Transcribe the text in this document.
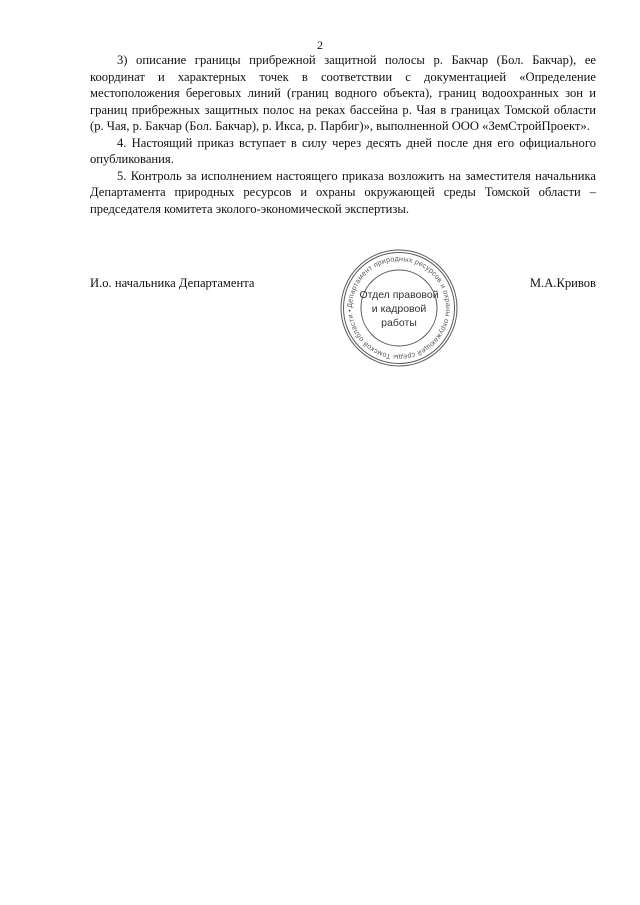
2

3) описание границы прибрежной защитной полосы р. Бакчар (Бол. Бакчар), ее координат и характерных точек в соответствии с документацией «Определение местоположения береговых линий (границ водного объекта), границ водоохранных зон и границ прибрежных защитных полос на реках бассейна р. Чая в границах Томской области (р. Чая, р. Бакчар (Бол. Бакчар), р. Икса, р. Парбиг)», выполненной ООО «ЗемСтройПроект».

4. Настоящий приказ вступает в силу через десять дней после дня его официального опубликования.

5. Контроль за исполнением настоящего приказа возложить на заместителя начальника Департамента природных ресурсов и охраны окружающей среды Томской области – председателя комитета эколого-экономической экспертизы.

И.о. начальника Департамента	М.А.Кривов
Департамент природных ресурсов и охраны окружающей среды Томской области •
Отдел правовой
и кадровой
работы
